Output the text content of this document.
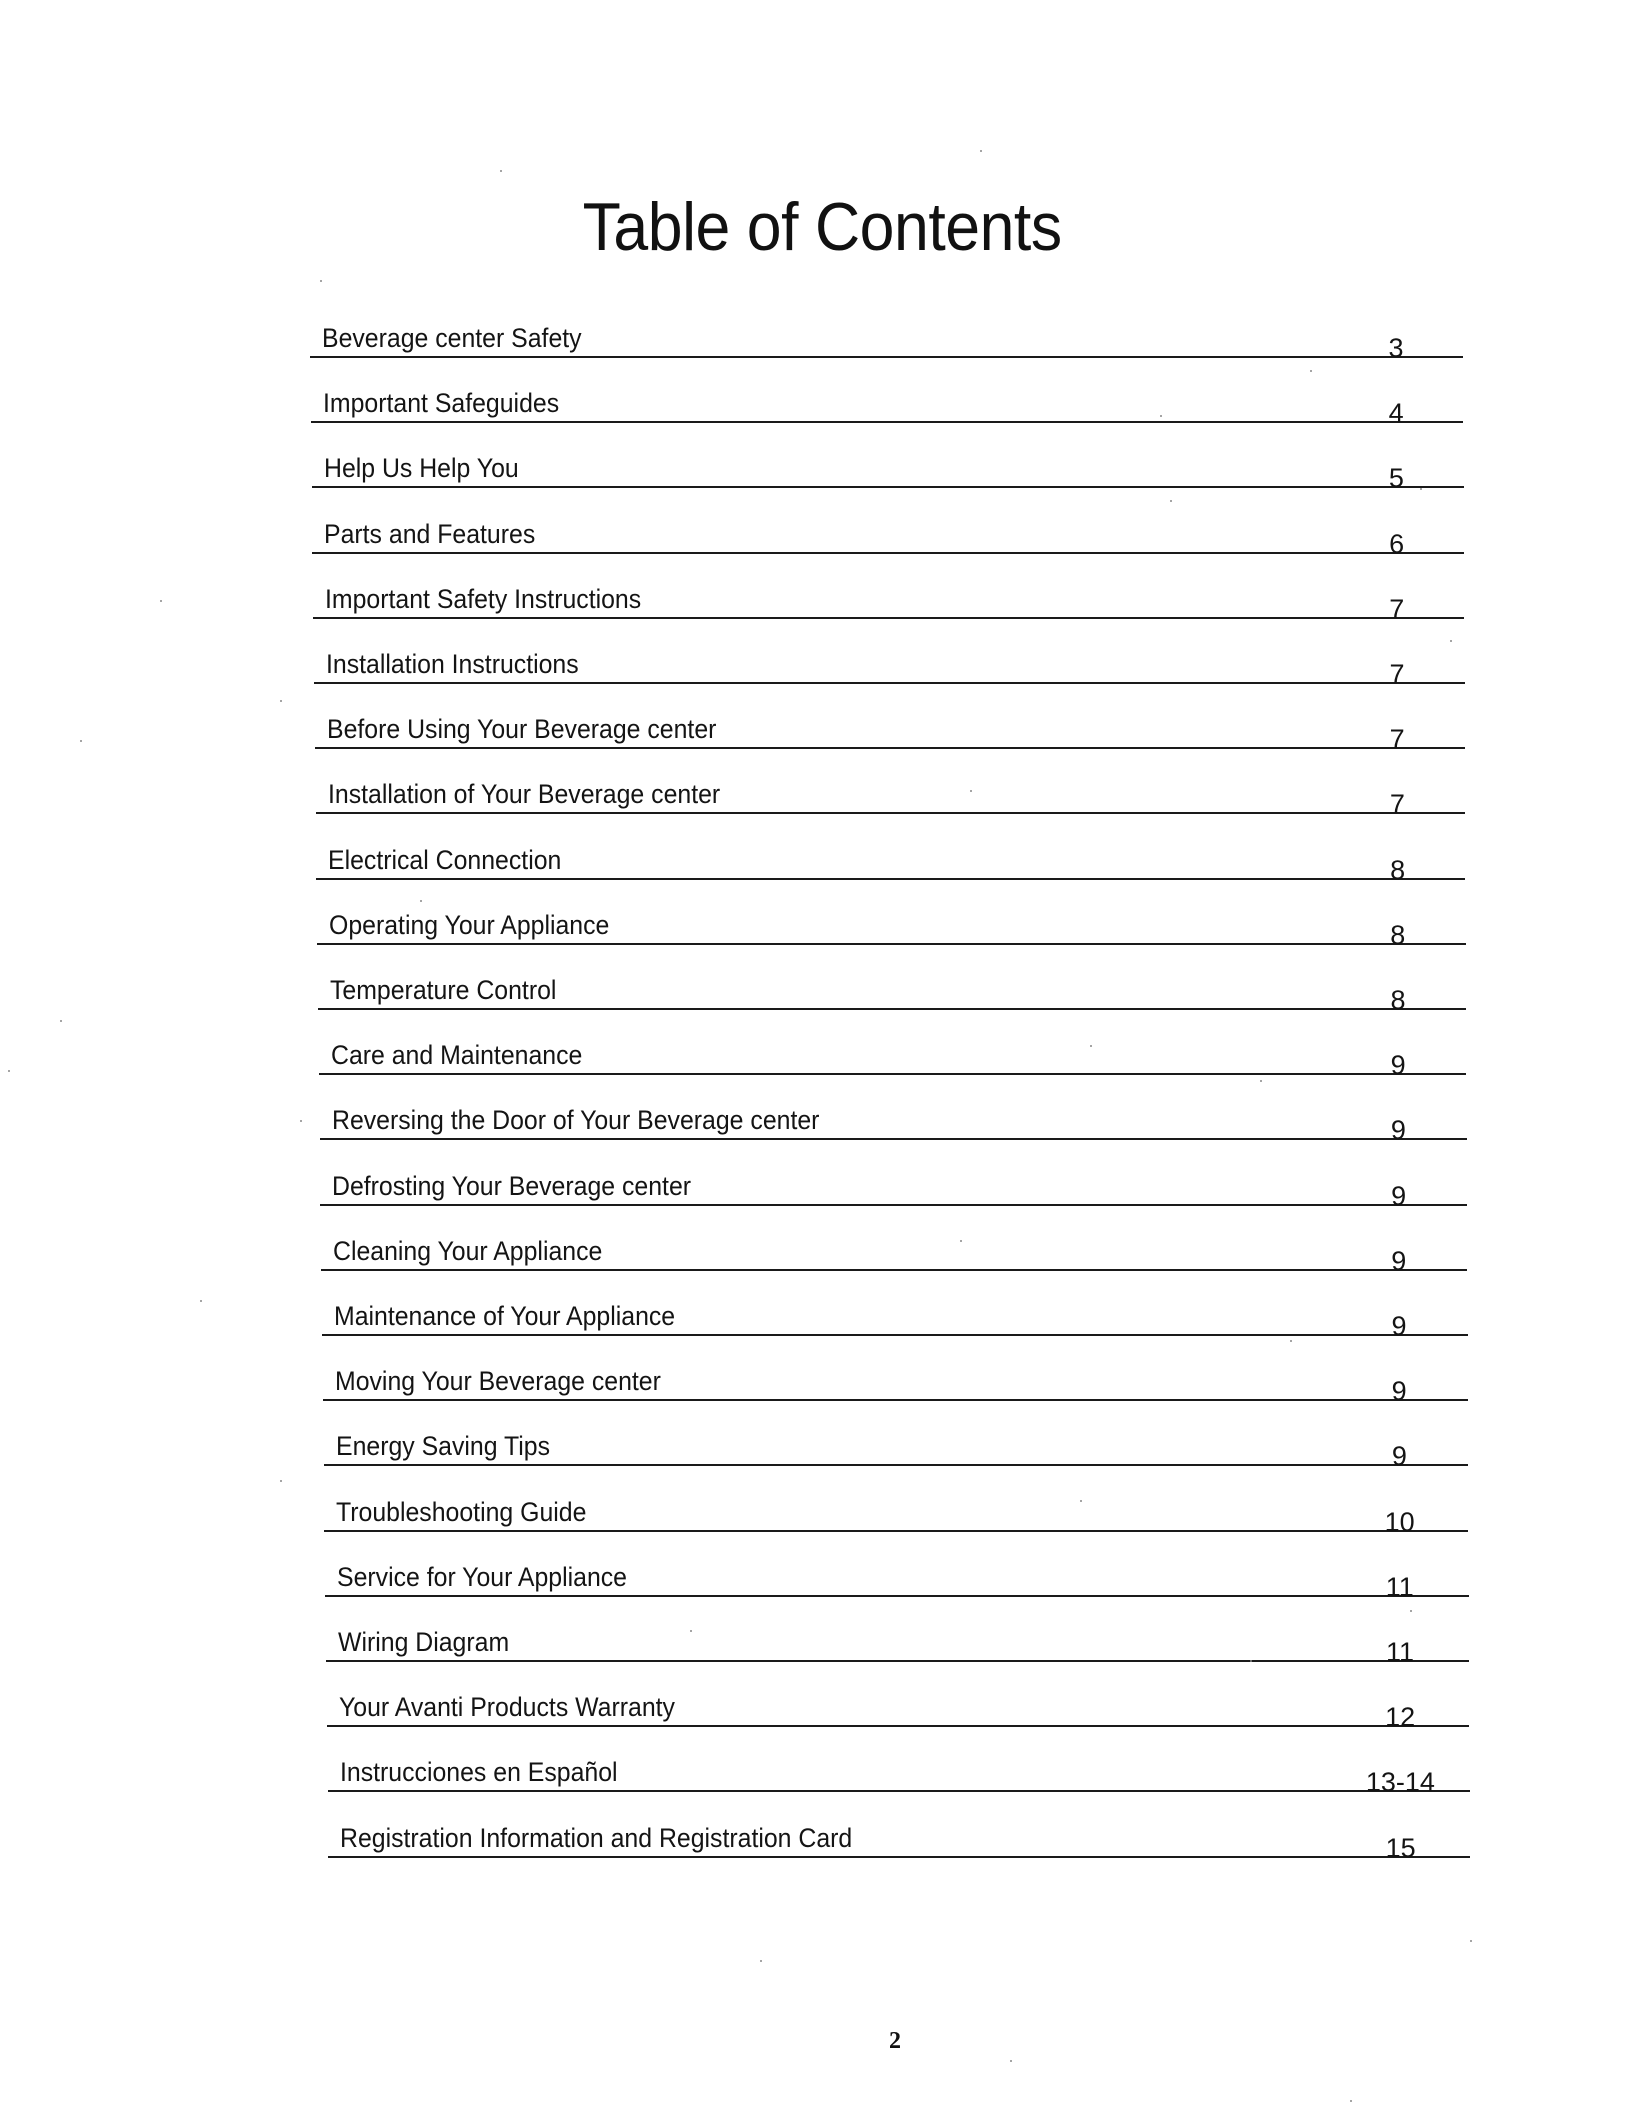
Table of Contents
Beverage center Safety	3
Important Safeguides	4
Help Us Help You	5
Parts and Features	6
Important Safety Instructions	7
Installation Instructions	7
Before Using Your Beverage center	7
Installation of Your Beverage center	7
Electrical Connection	8
Operating Your Appliance	8
Temperature Control	8
Care and Maintenance	9
Reversing the Door of Your Beverage center	9
Defrosting Your Beverage center	9
Cleaning Your Appliance	9
Maintenance of Your Appliance	9
Moving Your Beverage center	9
Energy Saving Tips	9
Troubleshooting Guide	10
Service for Your Appliance	11
Wiring Diagram	11
Your Avanti Products Warranty	12
Instrucciones en Español	13-14
Registration Information and Registration Card	15
2
